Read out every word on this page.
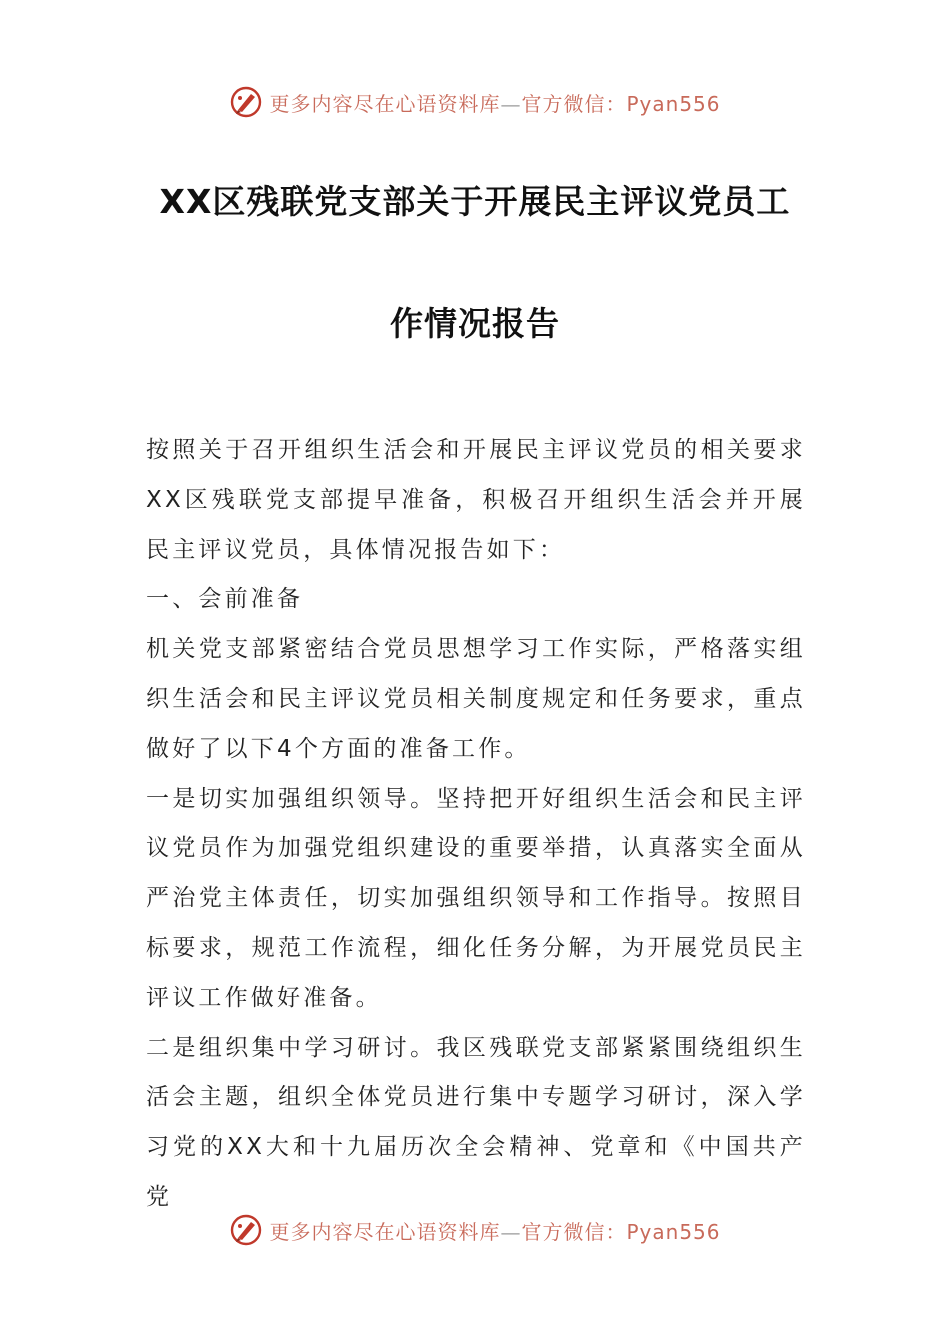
更多内容尽在心语资料库—官方微信：Pyan556
XX区残联党支部关于开展民主评议党员工
作情况报告

按照关于召开组织生活会和开展民主评议党员的相关要求XX区残联党支部提早准备，积极召开组织生活会并开展民主评议党员，具体情况报告如下：

一、会前准备

机关党支部紧密结合党员思想学习工作实际，严格落实组织生活会和民主评议党员相关制度规定和任务要求，重点做好了以下4个方面的准备工作。

一是切实加强组织领导。坚持把开好组织生活会和民主评议党员作为加强党组织建设的重要举措，认真落实全面从严治党主体责任，切实加强组织领导和工作指导。按照目标要求，规范工作流程，细化任务分解，为开展党员民主评议工作做好准备。

二是组织集中学习研讨。我区残联党支部紧紧围绕组织生活会主题，组织全体党员进行集中专题学习研讨，深入学习党的XX大和十九届历次全会精神、党章和《中国共产党

更多内容尽在心语资料库—官方微信：Pyan556
